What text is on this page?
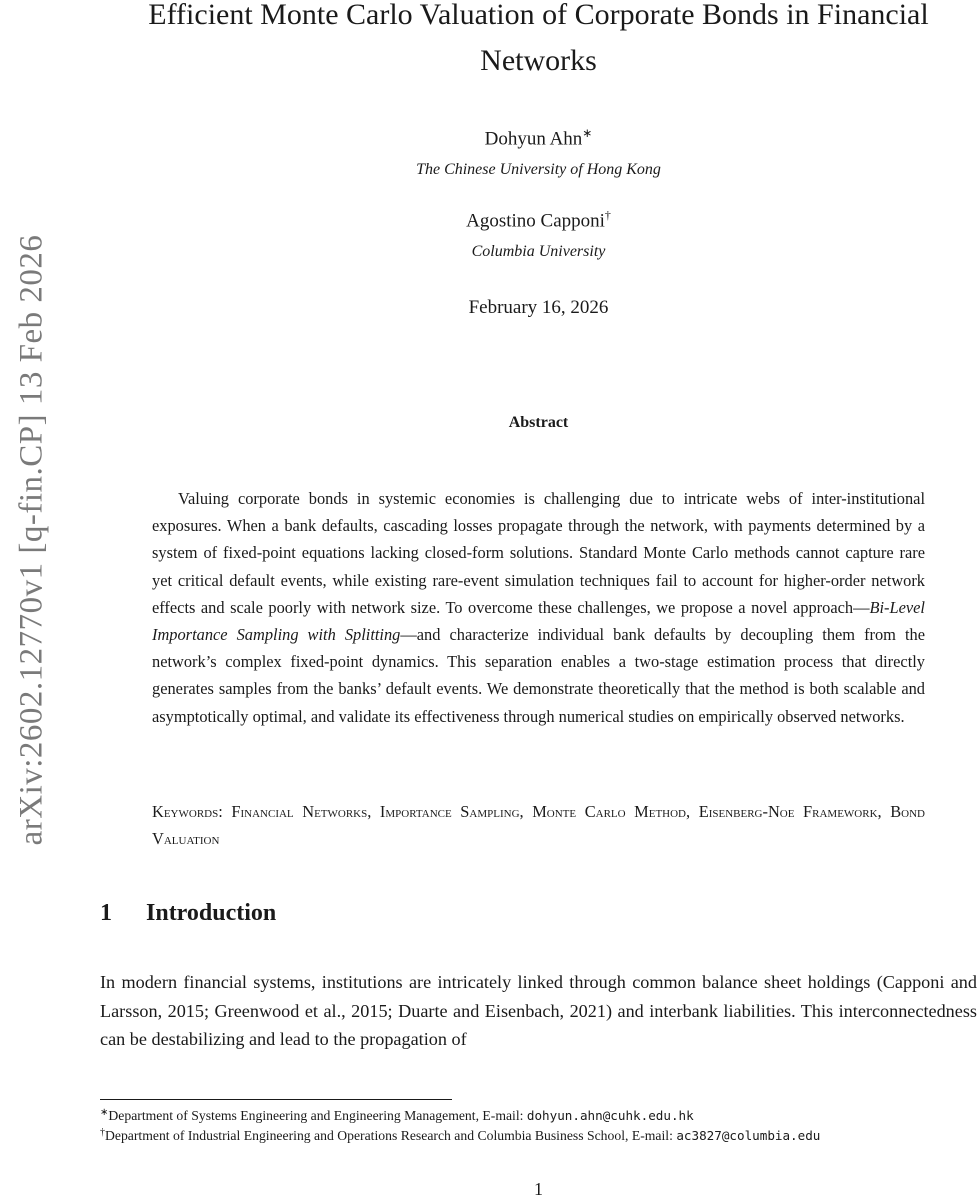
arXiv:2602.12770v1 [q-fin.CP] 13 Feb 2026
Efficient Monte Carlo Valuation of Corporate Bonds in Financial
Networks
Dohyun Ahn∗
The Chinese University of Hong Kong
Agostino Capponi†
Columbia University
February 16, 2026
Abstract

Valuing corporate bonds in systemic economies is challenging due to intricate webs of inter-institutional exposures. When a bank defaults, cascading losses propagate through the network, with payments determined by a system of fixed-point equations lacking closed-form solutions. Standard Monte Carlo methods cannot capture rare yet critical default events, while existing rare-event simulation techniques fail to account for higher-order network effects and scale poorly with network size. To overcome these challenges, we propose a novel approach—Bi-Level Importance Sampling with Splitting—and characterize individual bank defaults by decoupling them from the network’s complex fixed-point dynamics. This separation enables a two-stage estimation process that directly generates samples from the banks’ default events. We demonstrate theoretically that the method is both scalable and asymptotically optimal, and validate its effectiveness through numerical studies on empirically observed networks.

Keywords: Financial Networks, Importance Sampling, Monte Carlo Method, Eisenberg-Noe Framework, Bond Valuation

1 Introduction

In modern financial systems, institutions are intricately linked through common balance sheet holdings (Capponi and Larsson, 2015; Greenwood et al., 2015; Duarte and Eisenbach, 2021) and interbank liabilities. This interconnectedness can be destabilizing and lead to the propagation of

∗Department of Systems Engineering and Engineering Management, E-mail: dohyun.ahn@cuhk.edu.hk

†Department of Industrial Engineering and Operations Research and Columbia Business School, E-mail: ac3827@columbia.edu

1
